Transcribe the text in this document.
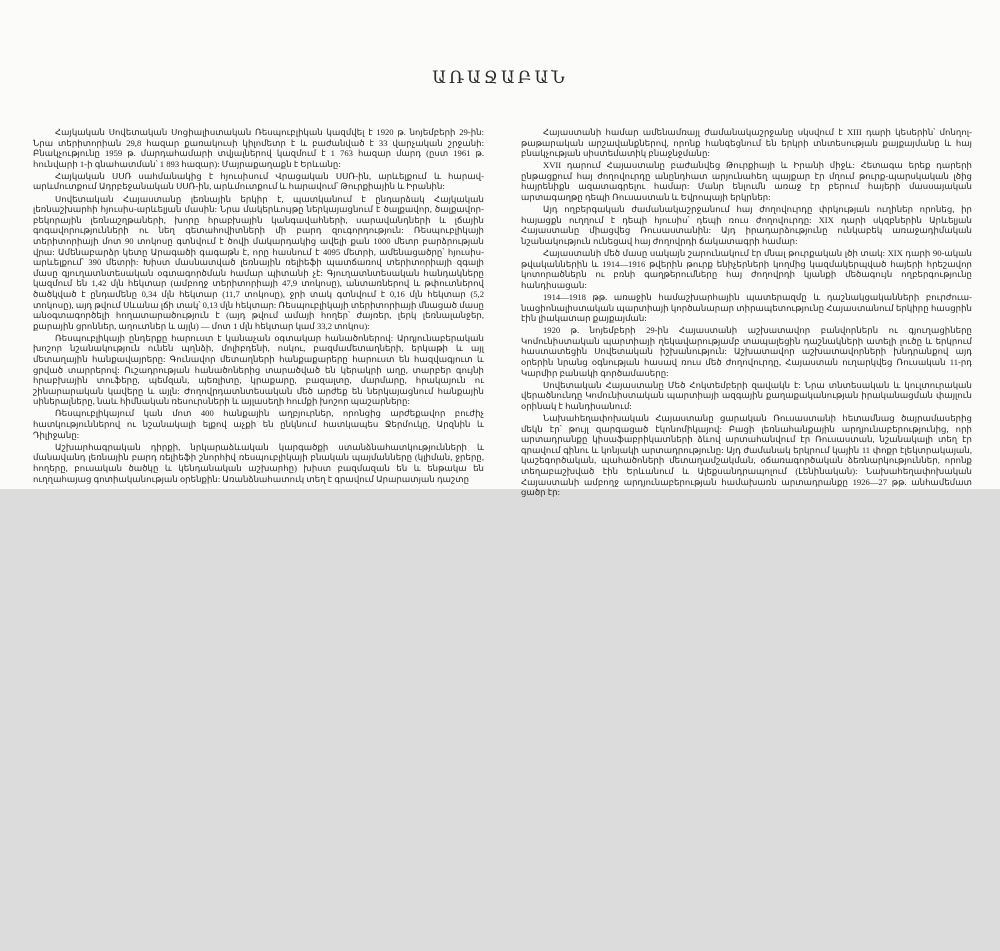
ԱՌԱՋԱԲԱՆ

Հայկական Սովետական Սոցիալիստական Ռեսպուբլիկան կազմվել է 1920 թ. նոյեմբերի 29-ին: Նրա տերիտորիան 29,8 հազար քառակուսի կիլոմետր է և բաժանված է 33 վարչական շրջանի: Բնակչությունը 1959 թ. մարդահամարի տվյալներով կազմում է 1 763 հազար մարդ (ըստ 1961 թ. հունվարի 1-ի գնահատման՝ 1 893 հազար): Մայրաքաղաքն է Երևանը:

Հայկական ՍՍՌ սահմանակից է հյուսիսում Վրացական ՍՍՌ-ին, արևելքում և հարավ-արևմուտքում Ադրբեջանական ՍՍՌ-ին, արևմուտքում և հարավում՝ Թուրքիային և Իրանին:

Սովետական Հայաստանը լեռնային երկիր է, պատկանում է ընդարձակ Հայկական լեռնաշխարհի հյուսիս-արևելյան մասին: Նրա մակերևույթը ներկայացնում է ծալքավոր, ծալքավոր-բեկորային լեռնաշղթաների, խորը հրաբխային կանգավահների, սարավանդների և լճային գոգավորությունների ու նեղ գետահովիտների մի բարդ զուգորդություն: Ռեսպուբլիկայի տերիտորիայի մոտ 90 տոկոսը գտնվում է ծովի մակարդակից ավելի քան 1000 մետր բարձրության վրա: Ամենաբարձր կետը Արագածի գագաթն է, որը հասնում է 4095 մետրի, ամենացածրը՝ հյուսիս-արևելքում՝ 390 մետրի: Խիստ մասնատված լեռնային ռելիեֆի պատճառով տերիտորիայի զգալի մասը գյուղատնտեսական օգտագործման համար պիտանի չէ: Գյուղատնտեսական հանդակները կազմում են 1,42 մլն հեկտար (ամբողջ տերիտորիայի 47,9 տոկոսը), անտառներով և թփուտներով ծածկված է ընդամենը 0,34 մլն հեկտար (11,7 տոկոսը), ջրի տակ գտնվում է 0,16 մլն հեկտար (5,2 տոկոսը), այդ թվում Սևանա լճի տակ՝ 0,13 մլն հեկտար: Ռեսպուբլիկայի տերիտորիայի մնացած մասը անօգտագործելի հողատարածություն է (այդ թվում ամայի հողեր՝ ժայռեր, լերկ լեռնալանջեր, քարային ցրոններ, աղուտներ և այլն) — մոտ 1 մլն հեկտար կամ 33,2 տոկոս):

Ռեսպուբլիկայի ընդերքը հարուստ է կանաչան օգտակար հանածոներով: Արդյունաբերական խոշոր նշանակություն ունեն պղնձի, մոլիբդենի, ոսկու, բազմամետաղների, երկաթի և այլ մետաղային հանքավայրերը: Գունավոր մետաղների հանքաքարերը հարուստ են հազվագյուտ և ցրված տարրերով: Ուշադրության հանածոներից տարածված են կերակրի աղը, տարբեր գույնի հրաբխային տուֆերը, պեմզան, պեռլիտը, կրաքարը, բազալտը, մարմարը, հրակայուն ու շինարարական կավերը և այլն: Ժողովրդատնտեսական մեծ արժեք են ներկայացնում հանքային սիներալները, նաև հիմնական ռեսուրսների և այլասեղի հումքի խոշոր պաշարները:

Ռեսպուբլիկայում կան մոտ 400 հանքային աղբյուրներ, որոնցից արժեքավոր բուժիչ հատկություններով ու նշանակալի ելքով աչքի են ընկնում հատկապես Ջերմուկը, Արզնին և Դիլիջանը:

Աշխարհագրական դիրքի, նրկարաձևական կարգածքի ստանձնահատկությունների և մանավանդ լեռնային բարդ ռելիեֆի շնորհիվ ռեսպուբլիկայի բնական պայմանները (կլիման, ջրերը, հողերը, բուսական ծածկը և կենդանական աշխարհը) խիստ բազմազան են և ենթակա են ուղղահայաց գոտիականության օրենքին: Առանձնահատուկ տեղ է գրավում Արարատյան դաշտը

Հայաստանի համար ամենամռայլ ժամանակաշրջանը սկսվում է XIII դարի կեսերին՝ մոնղոլ-թաթարական արշավանքներով, որոնք հանգեցնում են երկրի տնտեսության քայքայմանը և հայ բնակչության սիստեմատիկ բնաջնջմանը:

XVII դարում Հայաստանը բաժանվեց Թուրքիայի և Իրանի միջև: Հետագա երեք դարերի ընթացքում հայ ժողովուրդը անընդհատ արյունահեղ պայքար էր մղում թուրք-պարսկական լծից հայրենիքն ազատագրելու համար: Մանր ենլումն առաջ էր բերում հայերի մասսայական արտագաղթը դեպի Ռուսաստան և Եվրոպայի երկրներ:

Այդ ողբերգական ժամանակաշրջանում հայ ժողովուրդը փրկության ուղիներ որոնեց, իր հայացքն ուղղում է դեպի հյուսիս՝ դեպի ռուս ժողովուրդը: XIX դարի սկզբներին Արևելյան Հայաստանը միացվեց Ռուսաստանին: Այդ իրադարձությունը ունկաբեկ առաջադիմական նշանակություն ունեցավ հայ ժողովրդի ճակատագրի համար:

Հայաստանի մեծ մասը սակայն շարունակում էր մնալ թուրքական լծի տակ: XIX դարի 90-ական թվականներին և 1914—1916 թվերին թուրք ենիչերների կողմից կազմակերպված հայերի հրեշավոր կոտորածներն ու բռնի գաղթերումները հայ ժողովրդի կյանքի մեծագույն ողբերգությունը հանդիսացան:

1914—1918 թթ. առաջին համաշխարհային պատերազմը և դաշնակցականների բուրժուա-նացիոնալիստական պարտիայի կործանարար տիրապետությունը Հայաստանում երկիրը հասցրին էին լիակատար քայքայման:

1920 թ. նոյեմբերի 29-ին Հայաստանի աշխատավոր բանվորներն ու գյուղացիները Կոմունիստական պարտիայի ղեկավարությամբ տապալեցին դաշնակների ատելի լուծը և երկրում հաստատեցին Սովետական իշխանություն: Աշխատավոր աշխատավորների խնդրանքով այդ օրերին նրանց օգնության հասավ ռուս մեծ ժողովուրդը, Հայաստան ուղարկվեց Ռուսական 11-րդ Կարմիր բանակի գործամասերը:

Սովետական Հայաստանը Մեծ Հոկտեմբերի զավակն է: Նրա տնտեսական և կուլտուրական վերածնունդը Կոմունիստական պարտիայի ազգային քաղաքականության իրականացման փայլուն օրինակ է հանդիսանում:

Նախահեղափոխական Հայաստանը ցարական Ռուսաստանի հետամնաց ծայրամասերից մեկն էր՝ թույլ զարգացած էկոնոմիկայով: Բացի լեռնահանքային արդյունաբերությունից, որի արտադրանքը կիսաֆաբրիկատների ձևով արտահանվում էր Ռուսաստան, նշանակալի տեղ էր գրավում գինու և կոնյակի արտադրությունը: Այդ ժամանակ երկրում կային 11 փոքր էլեկտրակայան, կաշեգործական, պահածոների մետաղամշակման, օճառագործական ձեռնարկություններ, որոնք տեղաբաշխված էին Երևանում և Ալեքսանդրապոլում (Լենինական): Նախահեղափոխական Հայաստանի ամբողջ արդյունաբերության համախառն արտադրանքը 1926—27 թթ. անհամեմատ ցածր էր:
